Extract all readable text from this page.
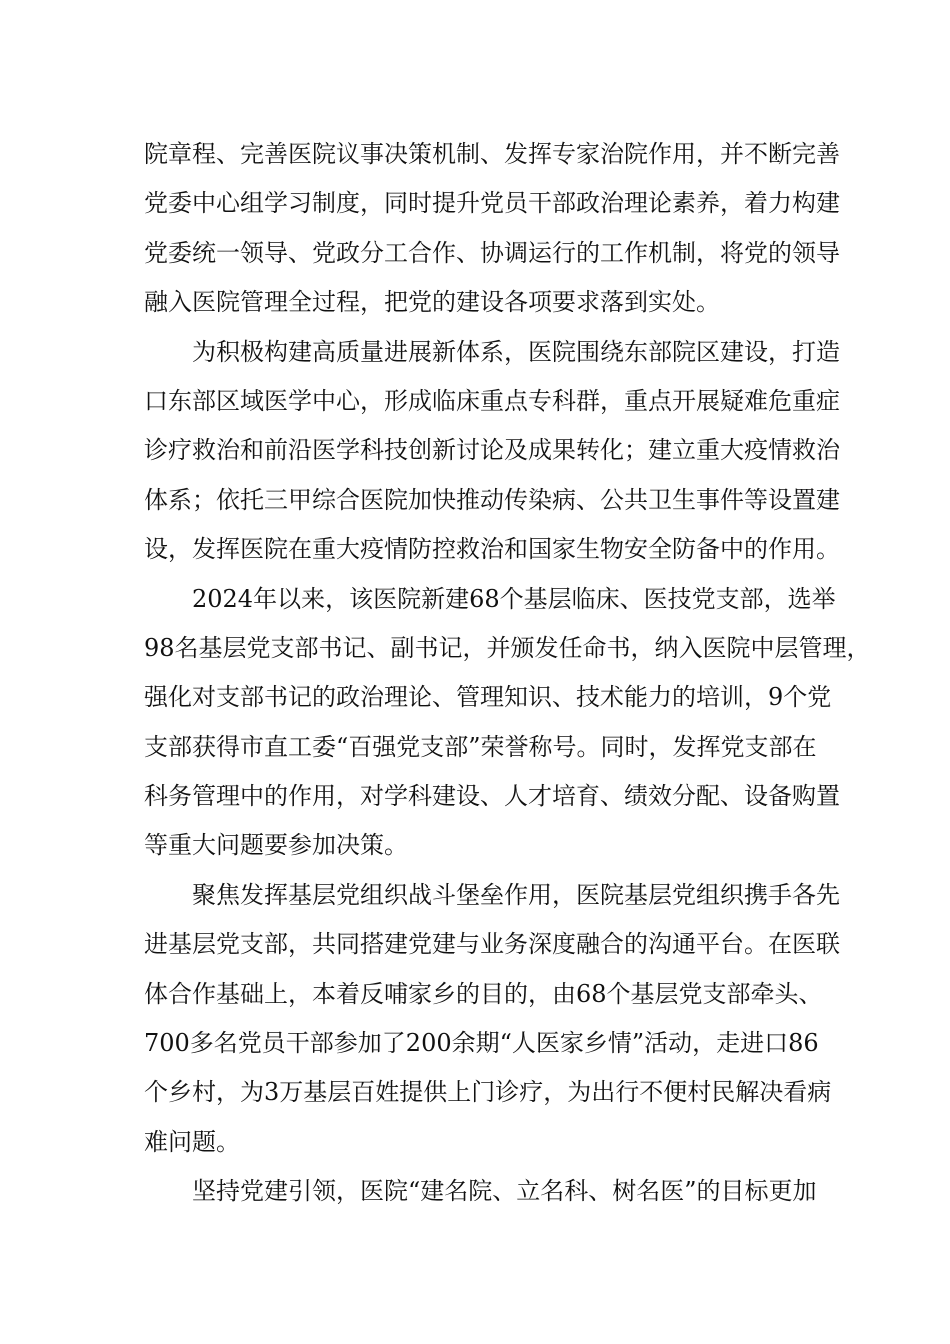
院章程、完善医院议事决策机制、发挥专家治院作用，并不断完善
党委中心组学习制度，同时提升党员干部政治理论素养，着力构建
党委统一领导、党政分工合作、协调运行的工作机制，将党的领导
融入医院管理全过程，把党的建设各项要求落到实处。
为积极构建高质量进展新体系，医院围绕东部院区建设，打造
口东部区域医学中心，形成临床重点专科群，重点开展疑难危重症
诊疗救治和前沿医学科技创新讨论及成果转化；建立重大疫情救治
体系；依托三甲综合医院加快推动传染病、公共卫生事件等设置建
设，发挥医院在重大疫情防控救治和国家生物安全防备中的作用。
2024年以来，该医院新建68个基层临床、医技党支部，选举
98名基层党支部书记、副书记，并颁发任命书，纳入医院中层管理，
强化对支部书记的政治理论、管理知识、技术能力的培训，9个党
支部获得市直工委“百强党支部”荣誉称号。同时，发挥党支部在
科务管理中的作用，对学科建设、人才培育、绩效分配、设备购置
等重大问题要参加决策。
聚焦发挥基层党组织战斗堡垒作用，医院基层党组织携手各先
进基层党支部，共同搭建党建与业务深度融合的沟通平台。在医联
体合作基础上，本着反哺家乡的目的，由68个基层党支部牵头、
700多名党员干部参加了200余期“人医家乡情”活动，走进口86
个乡村，为3万基层百姓提供上门诊疗，为出行不便村民解决看病
难问题。
坚持党建引领，医院“建名院、立名科、树名医”的目标更加
